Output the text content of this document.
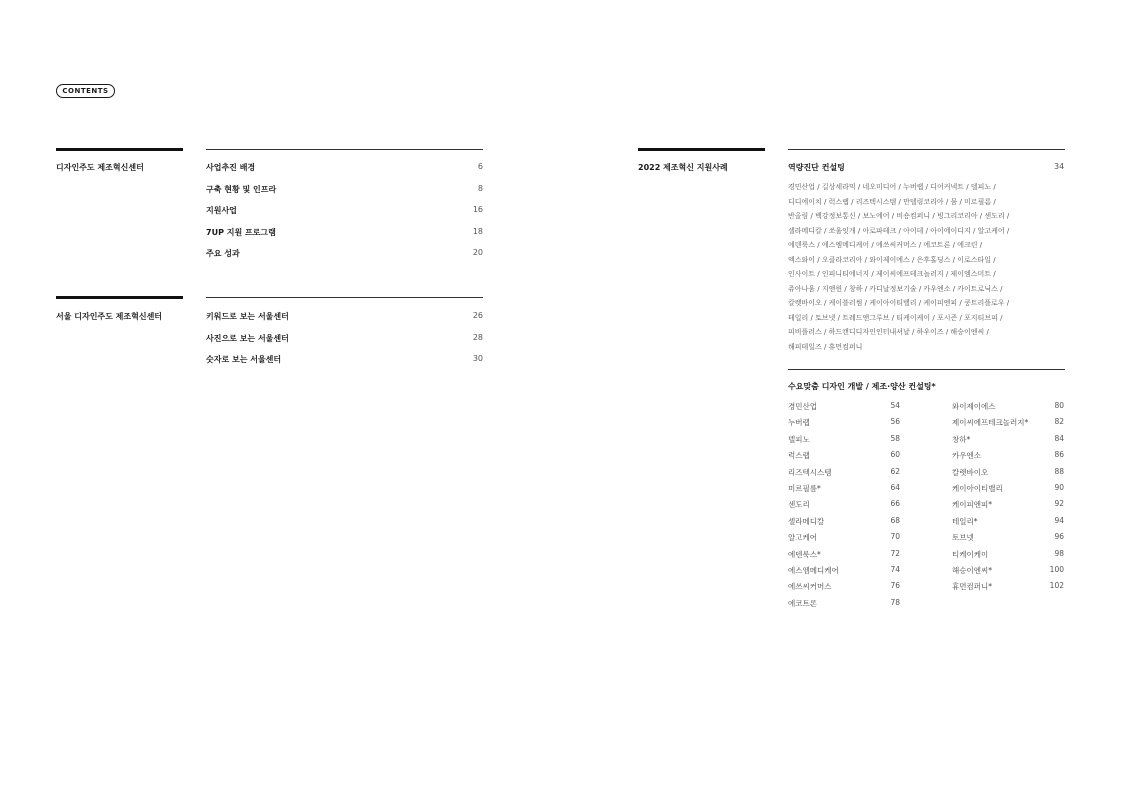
CONTENTS
디자인주도 제조혁신센터	사업추진 배경	6
구축 현황 및 인프라	8
지원사업	16
7UP 지원 프로그램	18
주요 성과	20
서울 디자인주도 제조혁신센터	키워드로 보는 서울센터	26
사진으로 보는 서울센터	28
숫자로 보는 서울센터	30
2022 제조혁신 지원사례	역량진단 컨설팅	34
경민산업 / 길상세라믹 / 네오미디어 / 누버랩 / 디어커넥트 / 델피노 /
디디에이치 / 럭스랩 / 리즈텍시스템 / 만델링코리아 / 뭄 / 미르필름 /
반올림 / 백강정보통신 / 보노에어 / 비숑컴퍼니 / 빙그리코리아 / 센도리 /
셀라메디칼 / 쏘울잇개 / 아로파테크 / 아이데 / 아이에이디지 / 알고케어 /
에덴룩스 / 에스엠메디케어 / 에쓰씨커머스 / 에코트론 / 에크린 /
엑스와이 / 오클라코리아 / 와이제이에스 / 은후홀딩스 / 이로스타일 /
인사이트 / 인피니티에너지 / 제이씨에프테크놀러지 / 제이엠스미트 /
쥬아나움 / 지앤윈 / 창하 / 카디날정보기술 / 카우엔소 / 카이트로닉스 /
칼렛바이오 / 케이블러썸 / 케이아이티밸리 / 케이피엔피 / 쿵트리플로우 /
테일리 / 토브넷 / 트레드앤그루브 / 티케이케이 / 포시즌 / 포지티브피 /
피비플러스 / 하드캔디디자인인터내셔날 / 하우이즈 / 해승이엔씨 /
해피테일즈 / 휴먼컴퍼니
수요맞춤 디자인 개발 / 제조·양산 컨설팅*
경민산업	54
누버랩	56
델피노	58
럭스랩	60
리즈텍시스템	62
미르필름*	64
센도리	66
셀라메디칼	68
알고케어	70
에덴룩스*	72
에스엠메디케어	74
에쓰씨커머스	76
에코트론	78
와이제이에스	80
제이씨에프테크놀러지*	82
창하*	84
카우엔소	86
칼렛바이오	88
케이아이티밸리	90
케이피엔피*	92
테일리*	94
토브넷	96
티케이케이	98
해승이엔씨*	100
휴먼컴퍼니*	102
